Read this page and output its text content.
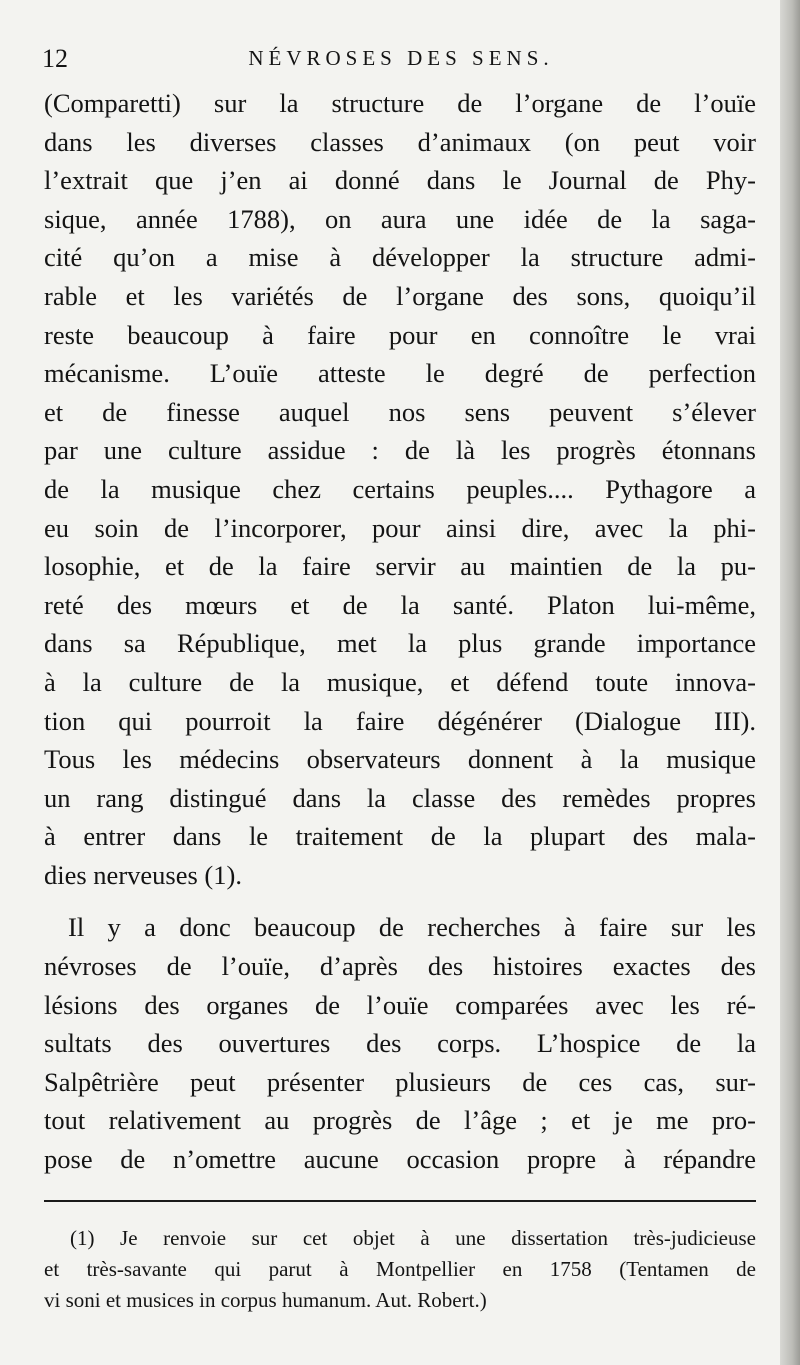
12	NÉVROSES DES SENS.
(Comparetti) sur la structure de l’organe de l’ouïe
dans les diverses classes d’animaux (on peut voir
l’extrait que j’en ai donné dans le Journal de Phy-
sique, année 1788), on aura une idée de la saga-
cité qu’on a mise à développer la structure admi-
rable et les variétés de l’organe des sons, quoiqu’il
reste beaucoup à faire pour en connoître le vrai
mécanisme. L’ouïe atteste le degré de perfection
et de finesse auquel nos sens peuvent s’élever
par une culture assidue : de là les progrès étonnans
de la musique chez certains peuples.... Pythagore a
eu soin de l’incorporer, pour ainsi dire, avec la phi-
losophie, et de la faire servir au maintien de la pu-
reté des mœurs et de la santé. Platon lui-même,
dans sa République, met la plus grande importance
à la culture de la musique, et défend toute innova-
tion qui pourroit la faire dégénérer (Dialogue III).
Tous les médecins observateurs donnent à la musique
un rang distingué dans la classe des remèdes propres
à entrer dans le traitement de la plupart des mala-
dies nerveuses (1).
Il y a donc beaucoup de recherches à faire sur les
névroses de l’ouïe, d’après des histoires exactes des
lésions des organes de l’ouïe comparées avec les ré-
sultats des ouvertures des corps. L’hospice de la
Salpêtrière peut présenter plusieurs de ces cas, sur-
tout relativement au progrès de l’âge ; et je me pro-
pose de n’omettre aucune occasion propre à répandre
(1) Je renvoie sur cet objet à une dissertation très-judicieuse
et très-savante qui parut à Montpellier en 1758 (Tentamen de
vi soni et musices in corpus humanum. Aut. Robert.)
